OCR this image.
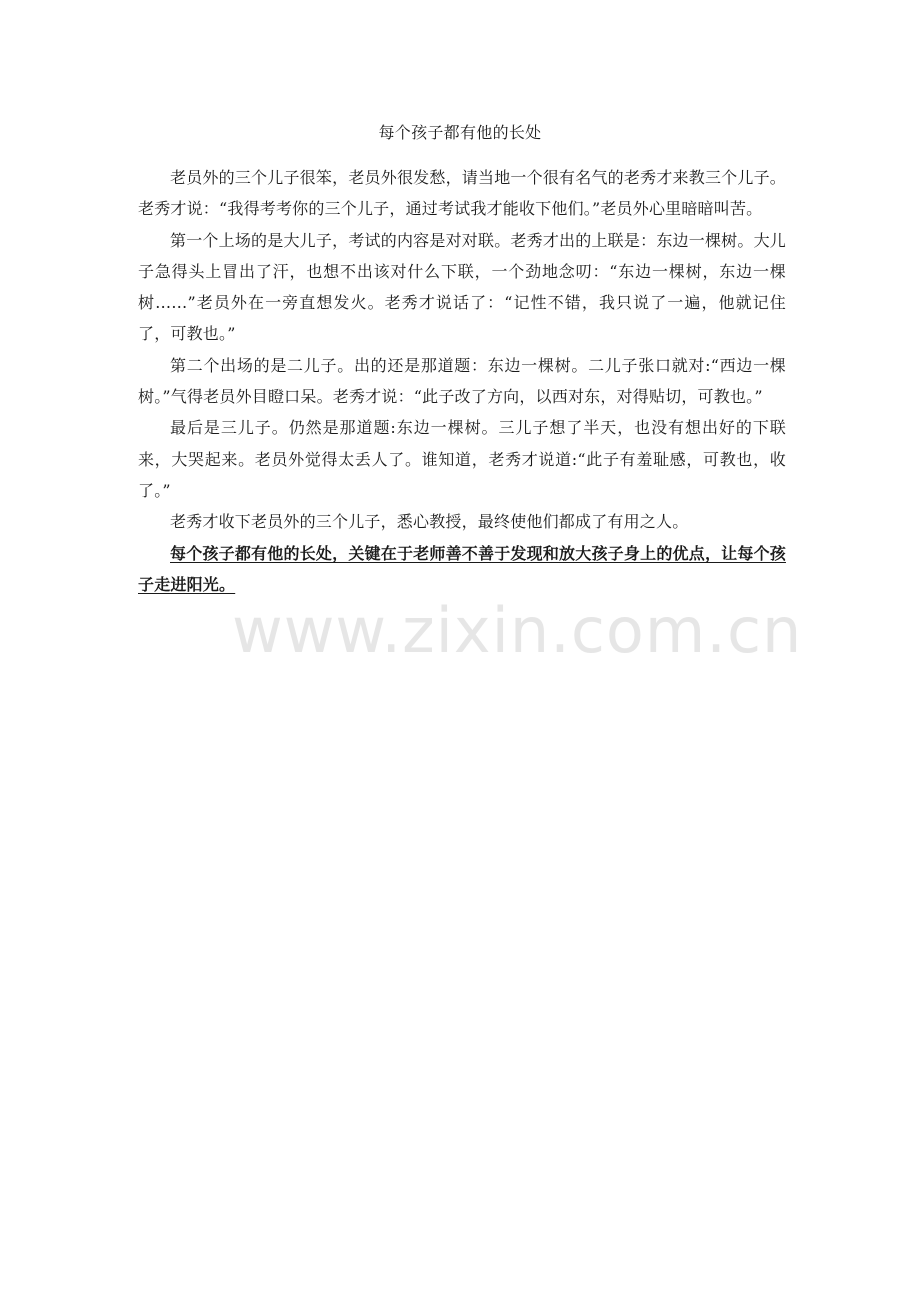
每个孩子都有他的长处

老员外的三个儿子很笨，老员外很发愁，请当地一个很有名气的老秀才来教三个儿子。老秀才说：“我得考考你的三个儿子，通过考试我才能收下他们。”老员外心里暗暗叫苦。

第一个上场的是大儿子，考试的内容是对对联。老秀才出的上联是：东边一棵树。大儿子急得头上冒出了汗，也想不出该对什么下联，一个劲地念叨：“东边一棵树，东边一棵树……”老员外在一旁直想发火。老秀才说话了：“记性不错，我只说了一遍，他就记住了，可教也。”

第二个出场的是二儿子。出的还是那道题：东边一棵树。二儿子张口就对:“西边一棵树。”气得老员外目瞪口呆。老秀才说：“此子改了方向，以西对东，对得贴切，可教也。”

最后是三儿子。仍然是那道题:东边一棵树。三儿子想了半天，也没有想出好的下联来，大哭起来。老员外觉得太丢人了。谁知道，老秀才说道:“此子有羞耻感，可教也，收了。”

老秀才收下老员外的三个儿子，悉心教授，最终使他们都成了有用之人。

每个孩子都有他的长处，关键在于老师善不善于发现和放大孩子身上的优点，让每个孩子走进阳光。

www.zixin.com.cn
